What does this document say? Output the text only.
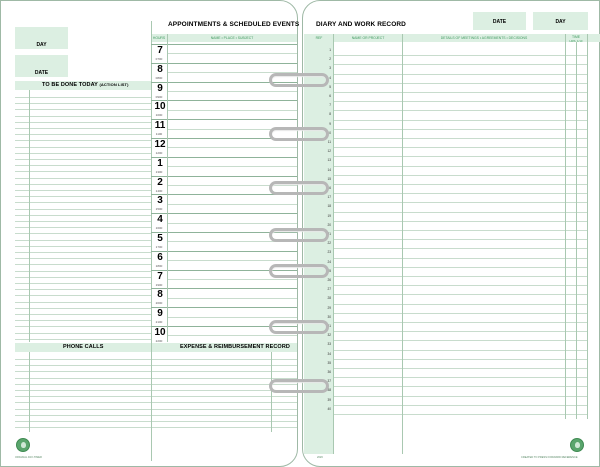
DAY
DATE
TO BE DONE TODAY (ACTION LIST)
APPOINTMENTS & SCHEDULED EVENTS
HOURS	NAME • PLACE • SUBJECT
PHONE CALLS	EXPENSE & REIMBURSEMENT RECORD
ORIGINAL DAY-TIMER
7
0700
8
0800
9
0900
10
1000
11
1100
12
1200
1
1300
2
1400
3
1500
4
1600
5
1700
6
1800
7
1900
8
2000
9
2100
10
2200
DIARY AND WORK RECORD	DATE	DAY
REF	NAME OR PROJECT	DETAILS OF MEETINGS • AGREEMENTS • DECISIONS	TIME
HRS. 1/10
2026	CREATED TO PRESS FORWARD REFERENCE
1
2
3
4
5
6
7
8
9
10
11
12
13
14
15
16
17
18
19
20
21
22
23
24
25
26
27
28
29
30
31
32
33
34
35
36
37
38
39
40
